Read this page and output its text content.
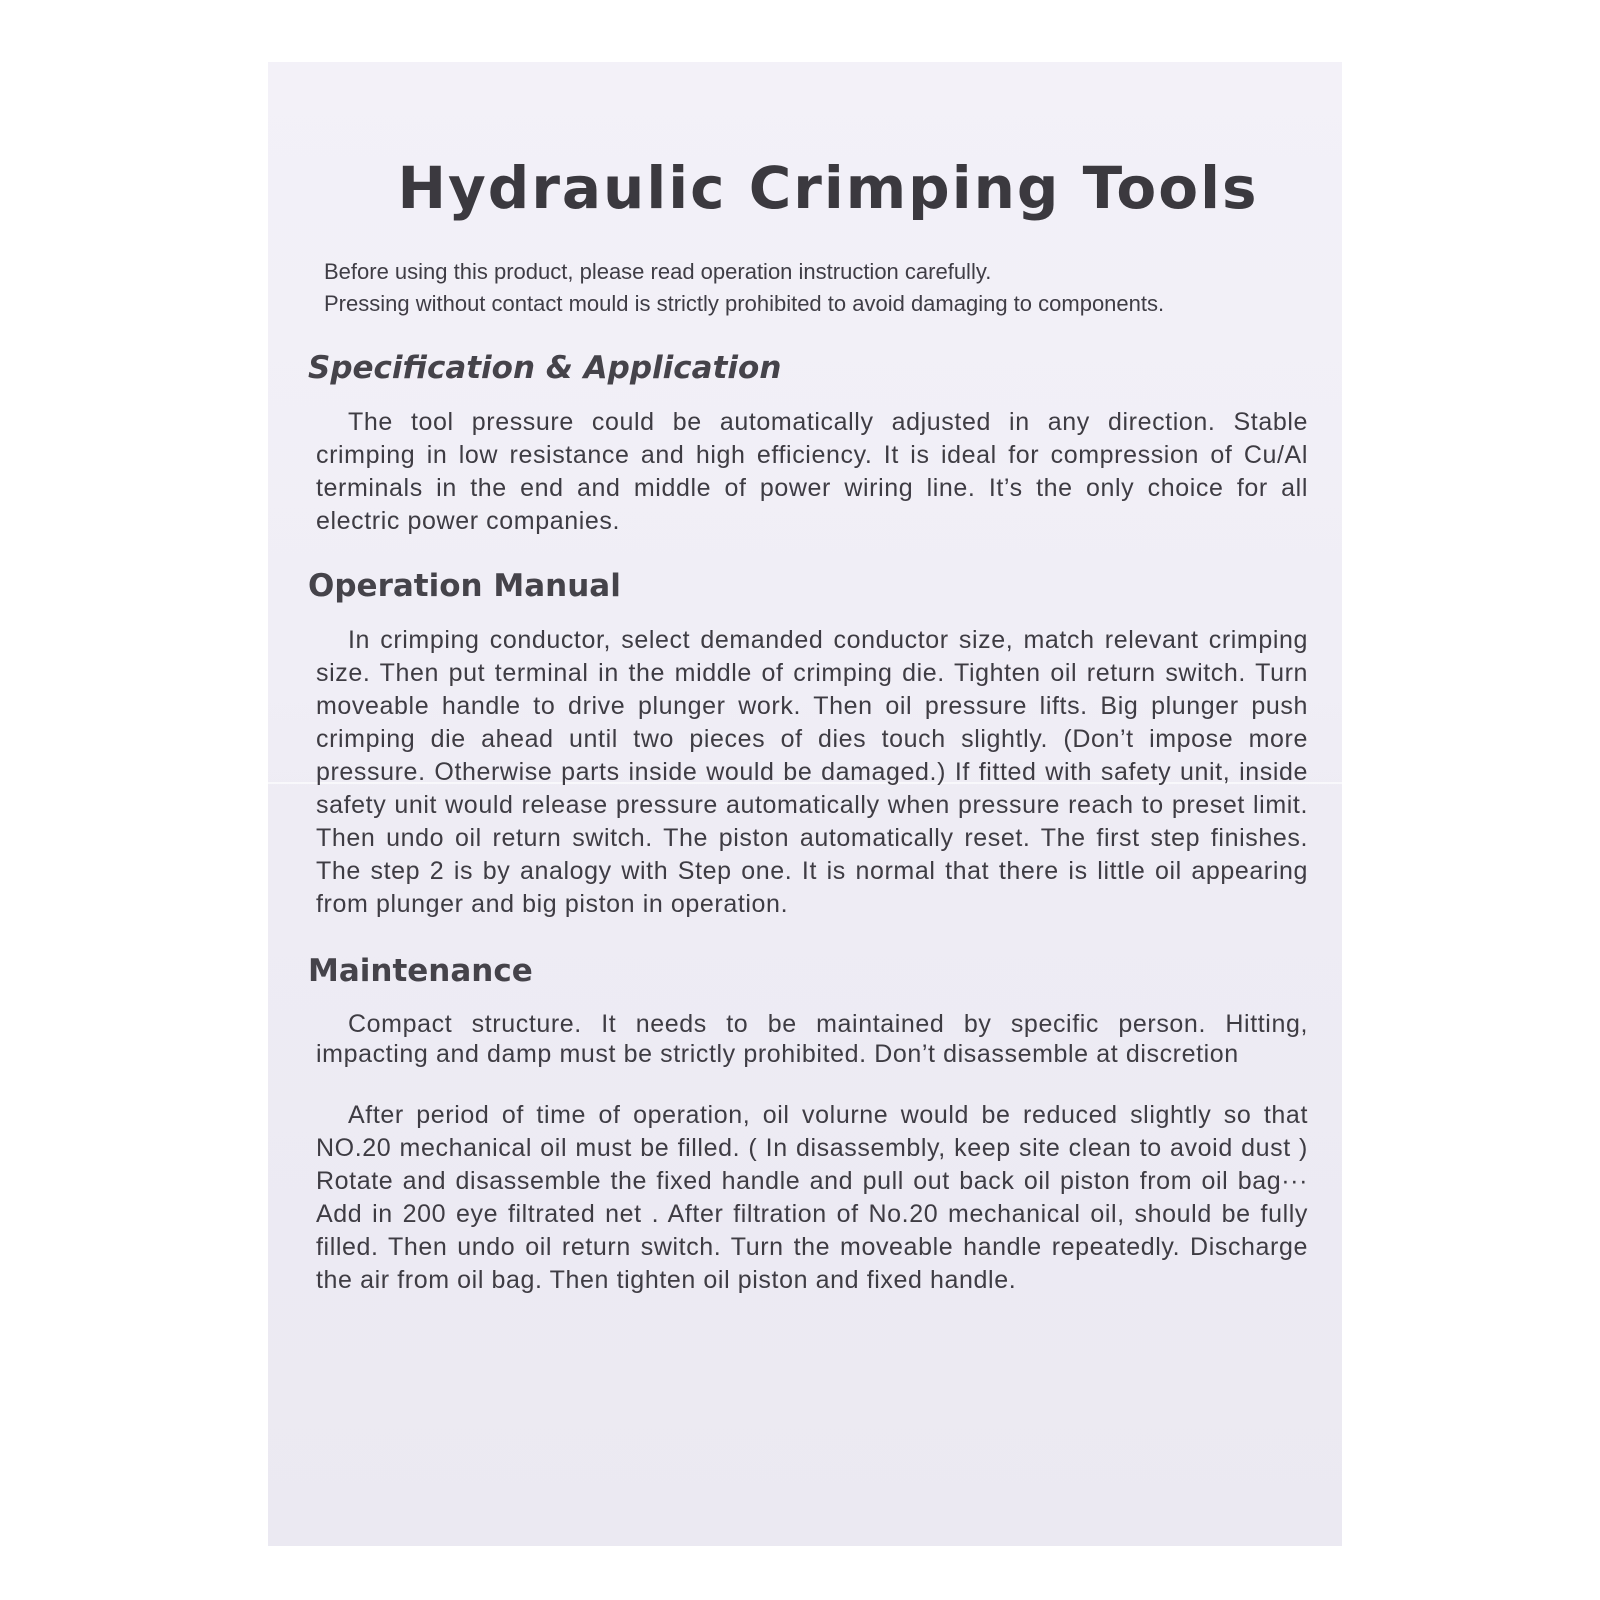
Hydraulic Crimping Tools

Before using this product, please read operation instruction carefully.

Pressing without contact mould is strictly prohibited to avoid damaging to components.

Specification & Application

The tool pressure could be automatically adjusted in any direction. Stable crimping in low resistance and high efficiency. It is ideal for compression of Cu/Al terminals in the end and middle of power wiring line. It’s the only choice for all electric power companies.

Operation Manual

In crimping conductor, select demanded conductor size, match relevant crimping size. Then put terminal in the middle of crimping die. Tighten oil return switch. Turn moveable handle to drive plunger work. Then oil pressure lifts. Big plunger push crimping die ahead until two pieces of dies touch slightly. (Don’t impose more pressure. Otherwise parts inside would be damaged.) If fitted with safety unit, inside safety unit would release pressure automatically when pressure reach to preset limit. Then undo oil return switch. The piston automatically reset. The first step finishes. The step 2 is by analogy with Step one. It is normal that there is little oil appearing from plunger and big piston in operation.

Maintenance

Compact structure. It needs to be maintained by specific person. Hitting, impacting and damp must be strictly prohibited. Don’t disassemble at discretion

After period of time of operation, oil volurne would be reduced slightly so that NO.20 mechanical oil must be filled. ( In disassembly, keep site clean to avoid dust ) Rotate and disassemble the fixed handle and pull out back oil piston from oil bag··· Add in 200 eye filtrated net . After filtration of No.20 mechanical oil, should be fully filled. Then undo oil return switch. Turn the moveable handle repeatedly. Discharge the air from oil bag. Then tighten oil piston and fixed handle.
